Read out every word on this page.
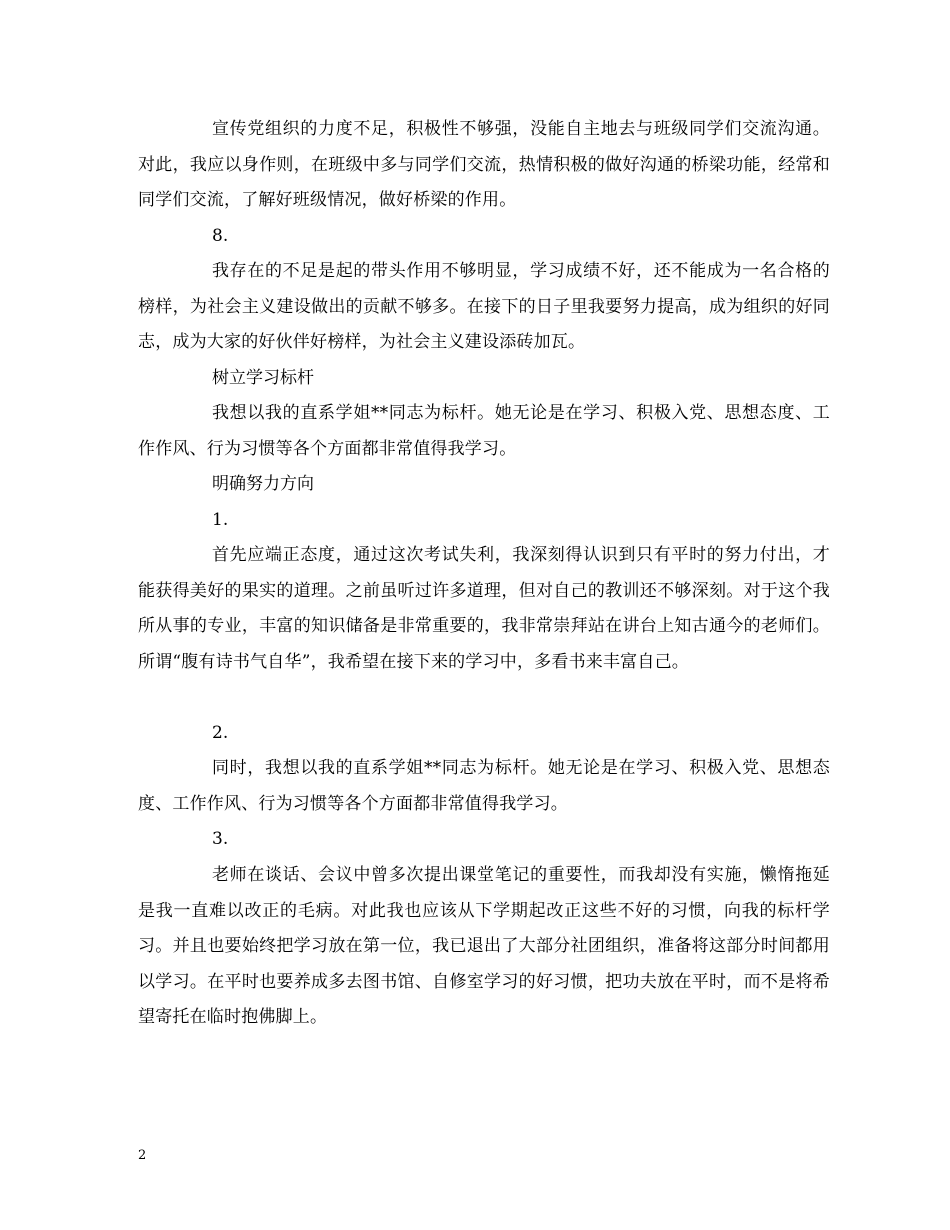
宣传党组织的力度不足，积极性不够强，没能自主地去与班级同学们交流沟通。对此，我应以身作则，在班级中多与同学们交流，热情积极的做好沟通的桥梁功能，经常和同学们交流，了解好班级情况，做好桥梁的作用。

8.

我存在的不足是起的带头作用不够明显，学习成绩不好，还不能成为一名合格的榜样，为社会主义建设做出的贡献不够多。在接下的日子里我要努力提高，成为组织的好同志，成为大家的好伙伴好榜样，为社会主义建设添砖加瓦。

树立学习标杆

我想以我的直系学姐**同志为标杆。她无论是在学习、积极入党、思想态度、工作作风、行为习惯等各个方面都非常值得我学习。

明确努力方向

1.

首先应端正态度，通过这次考试失利，我深刻得认识到只有平时的努力付出，才能获得美好的果实的道理。之前虽听过许多道理，但对自己的教训还不够深刻。对于这个我所从事的专业，丰富的知识储备是非常重要的，我非常崇拜站在讲台上知古通今的老师们。所谓“腹有诗书气自华”，我希望在接下来的学习中，多看书来丰富自己。

2.

同时，我想以我的直系学姐**同志为标杆。她无论是在学习、积极入党、思想态度、工作作风、行为习惯等各个方面都非常值得我学习。

3.

老师在谈话、会议中曾多次提出课堂笔记的重要性，而我却没有实施，懒惰拖延是我一直难以改正的毛病。对此我也应该从下学期起改正这些不好的习惯，向我的标杆学习。并且也要始终把学习放在第一位，我已退出了大部分社团组织，准备将这部分时间都用以学习。在平时也要养成多去图书馆、自修室学习的好习惯，把功夫放在平时，而不是将希望寄托在临时抱佛脚上。

2
